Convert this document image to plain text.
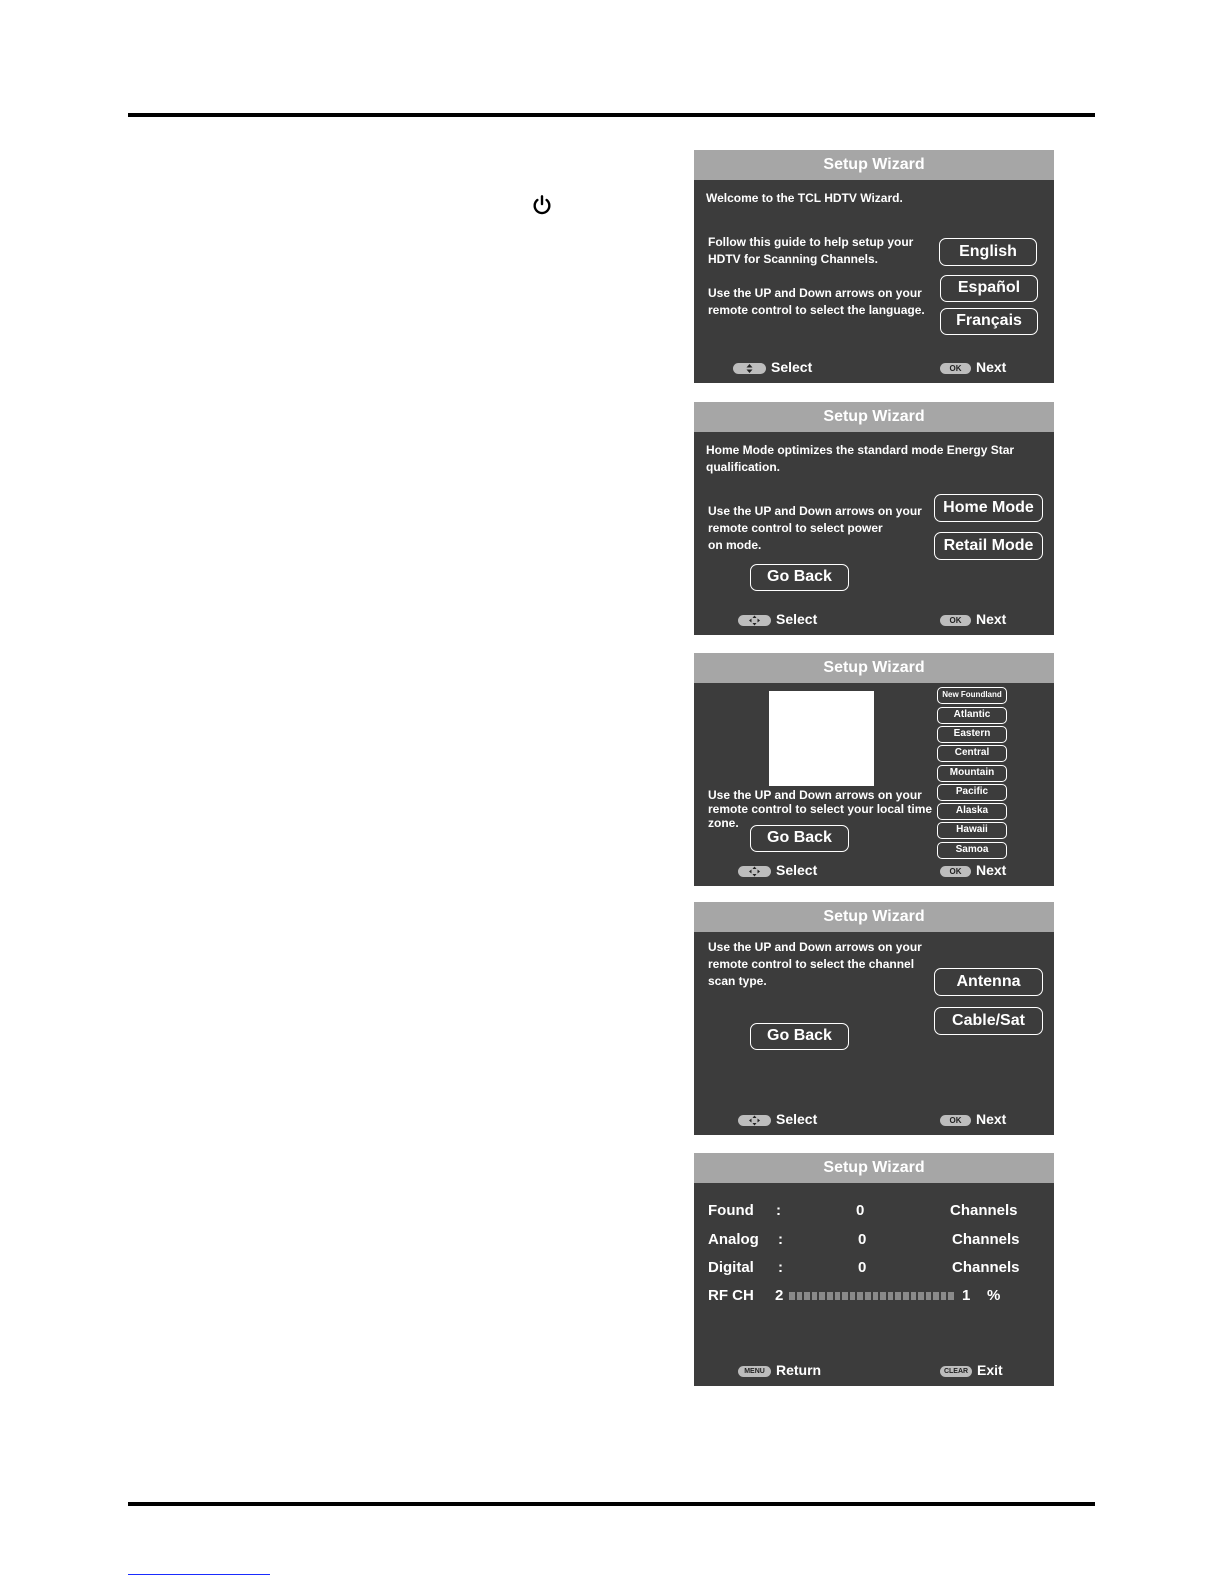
Setup Wizard
Welcome to the TCL HDTV Wizard.
Follow this guide to help setup your
HDTV for Scanning Channels.
Use the UP and Down arrows on your
remote control to select the language.
English
Español
Français
Select	OK Next
Setup Wizard
Home Mode optimizes the standard mode Energy Star
qualification.
Use the UP and Down arrows on your
remote control to select power
on mode.
Home Mode
Retail Mode
Go Back
Select	OK Next
Setup Wizard
Use the UP and Down arrows on your
remote control to select your local time
zone.
New Foundland
Atlantic
Eastern
Central
Mountain
Pacific
Alaska
Hawaii
Samoa
Go Back
Select	OK Next
Setup Wizard
Use the UP and Down arrows on your
remote control to select the channel
scan type.	Antenna
Cable/Sat
Go Back
Select	OK Next
Setup Wizard
Found :	0	Channels
Analog :	0	Channels
Digital :	0	Channels
RF CH 2	1 %
MENU Return	CLEAR Exit
